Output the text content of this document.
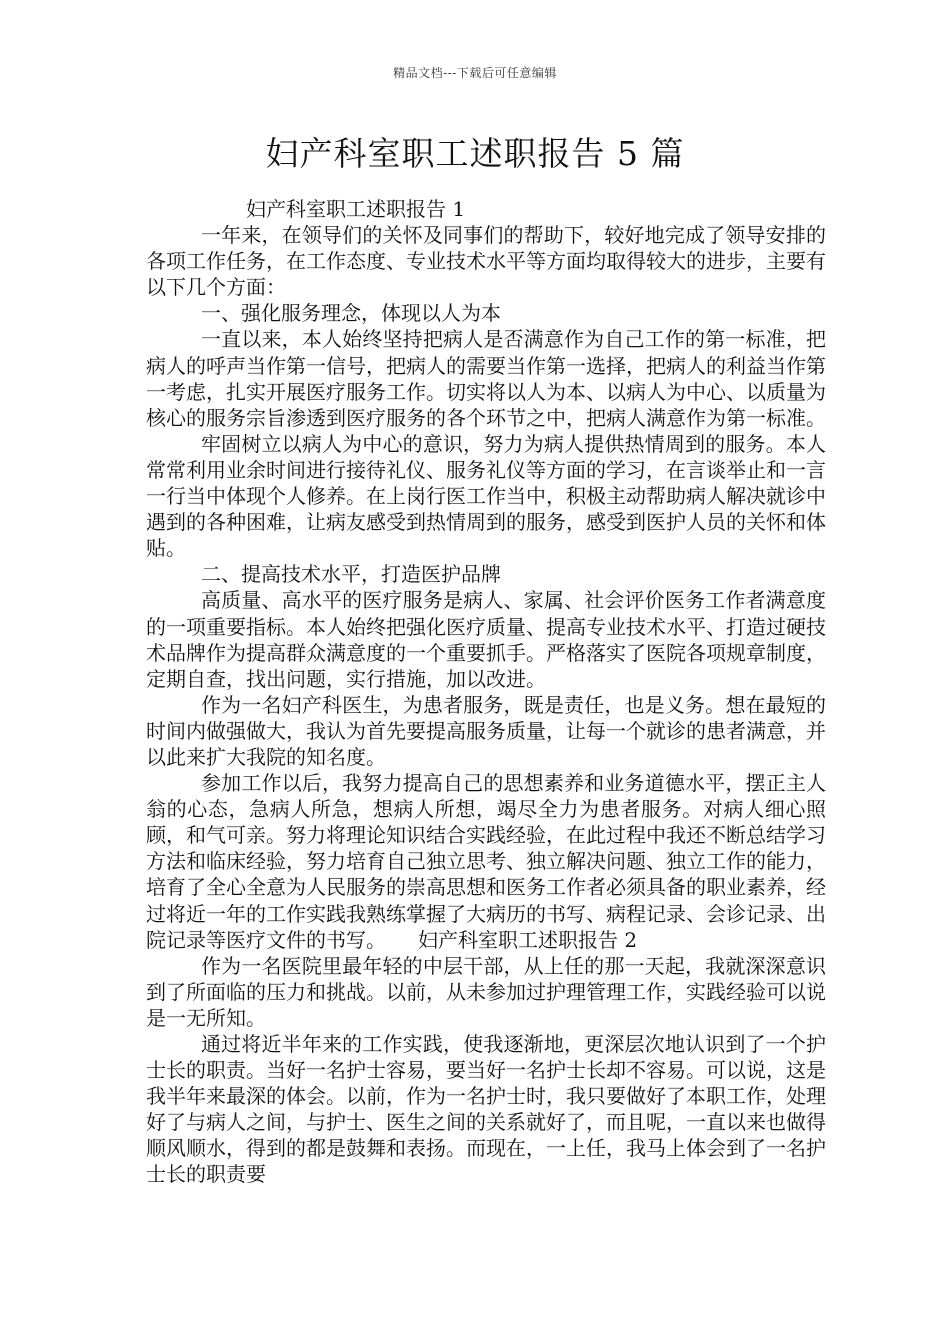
精品文档---下载后可任意编辑
妇产科室职工述职报告 5 篇

妇产科室职工述职报告 1

一年来，在领导们的关怀及同事们的帮助下，较好地完成了领导安排的各项工作任务，在工作态度、专业技术水平等方面均取得较大的进步，主要有以下几个方面：

一、强化服务理念，体现以人为本

一直以来，本人始终坚持把病人是否满意作为自己工作的第一标准，把病人的呼声当作第一信号，把病人的需要当作第一选择，把病人的利益当作第一考虑，扎实开展医疗服务工作。切实将以人为本、以病人为中心、以质量为核心的服务宗旨渗透到医疗服务的各个环节之中，把病人满意作为第一标准。

牢固树立以病人为中心的意识，努力为病人提供热情周到的服务。本人常常利用业余时间进行接待礼仪、服务礼仪等方面的学习，在言谈举止和一言一行当中体现个人修养。在上岗行医工作当中，积极主动帮助病人解决就诊中遇到的各种困难，让病友感受到热情周到的服务，感受到医护人员的关怀和体贴。

二、提高技术水平，打造医护品牌

高质量、高水平的医疗服务是病人、家属、社会评价医务工作者满意度的一项重要指标。本人始终把强化医疗质量、提高专业技术水平、打造过硬技术品牌作为提高群众满意度的一个重要抓手。严格落实了医院各项规章制度，定期自查，找出问题，实行措施，加以改进。

作为一名妇产科医生，为患者服务，既是责任，也是义务。想在最短的时间内做强做大，我认为首先要提高服务质量，让每一个就诊的患者满意，并以此来扩大我院的知名度。

参加工作以后，我努力提高自己的思想素养和业务道德水平，摆正主人翁的心态，急病人所急，想病人所想，竭尽全力为患者服务。对病人细心照顾，和气可亲。努力将理论知识结合实践经验，在此过程中我还不断总结学习方法和临床经验，努力培育自己独立思考、独立解决问题、独立工作的能力，培育了全心全意为人民服务的崇高思想和医务工作者必须具备的职业素养，经过将近一年的工作实践我熟练掌握了大病历的书写、病程记录、会诊记录、出院记录等医疗文件的书写。 妇产科室职工述职报告 2

作为一名医院里最年轻的中层干部，从上任的那一天起，我就深深意识到了所面临的压力和挑战。以前，从未参加过护理管理工作，实践经验可以说是一无所知。

通过将近半年来的工作实践，使我逐渐地，更深层次地认识到了一个护士长的职责。当好一名护士容易，要当好一名护士长却不容易。可以说，这是我半年来最深的体会。以前，作为一名护士时，我只要做好了本职工作，处理好了与病人之间，与护士、医生之间的关系就好了，而且呢，一直以来也做得顺风顺水，得到的都是鼓舞和表扬。而现在，一上任，我马上体会到了一名护士长的职责要
